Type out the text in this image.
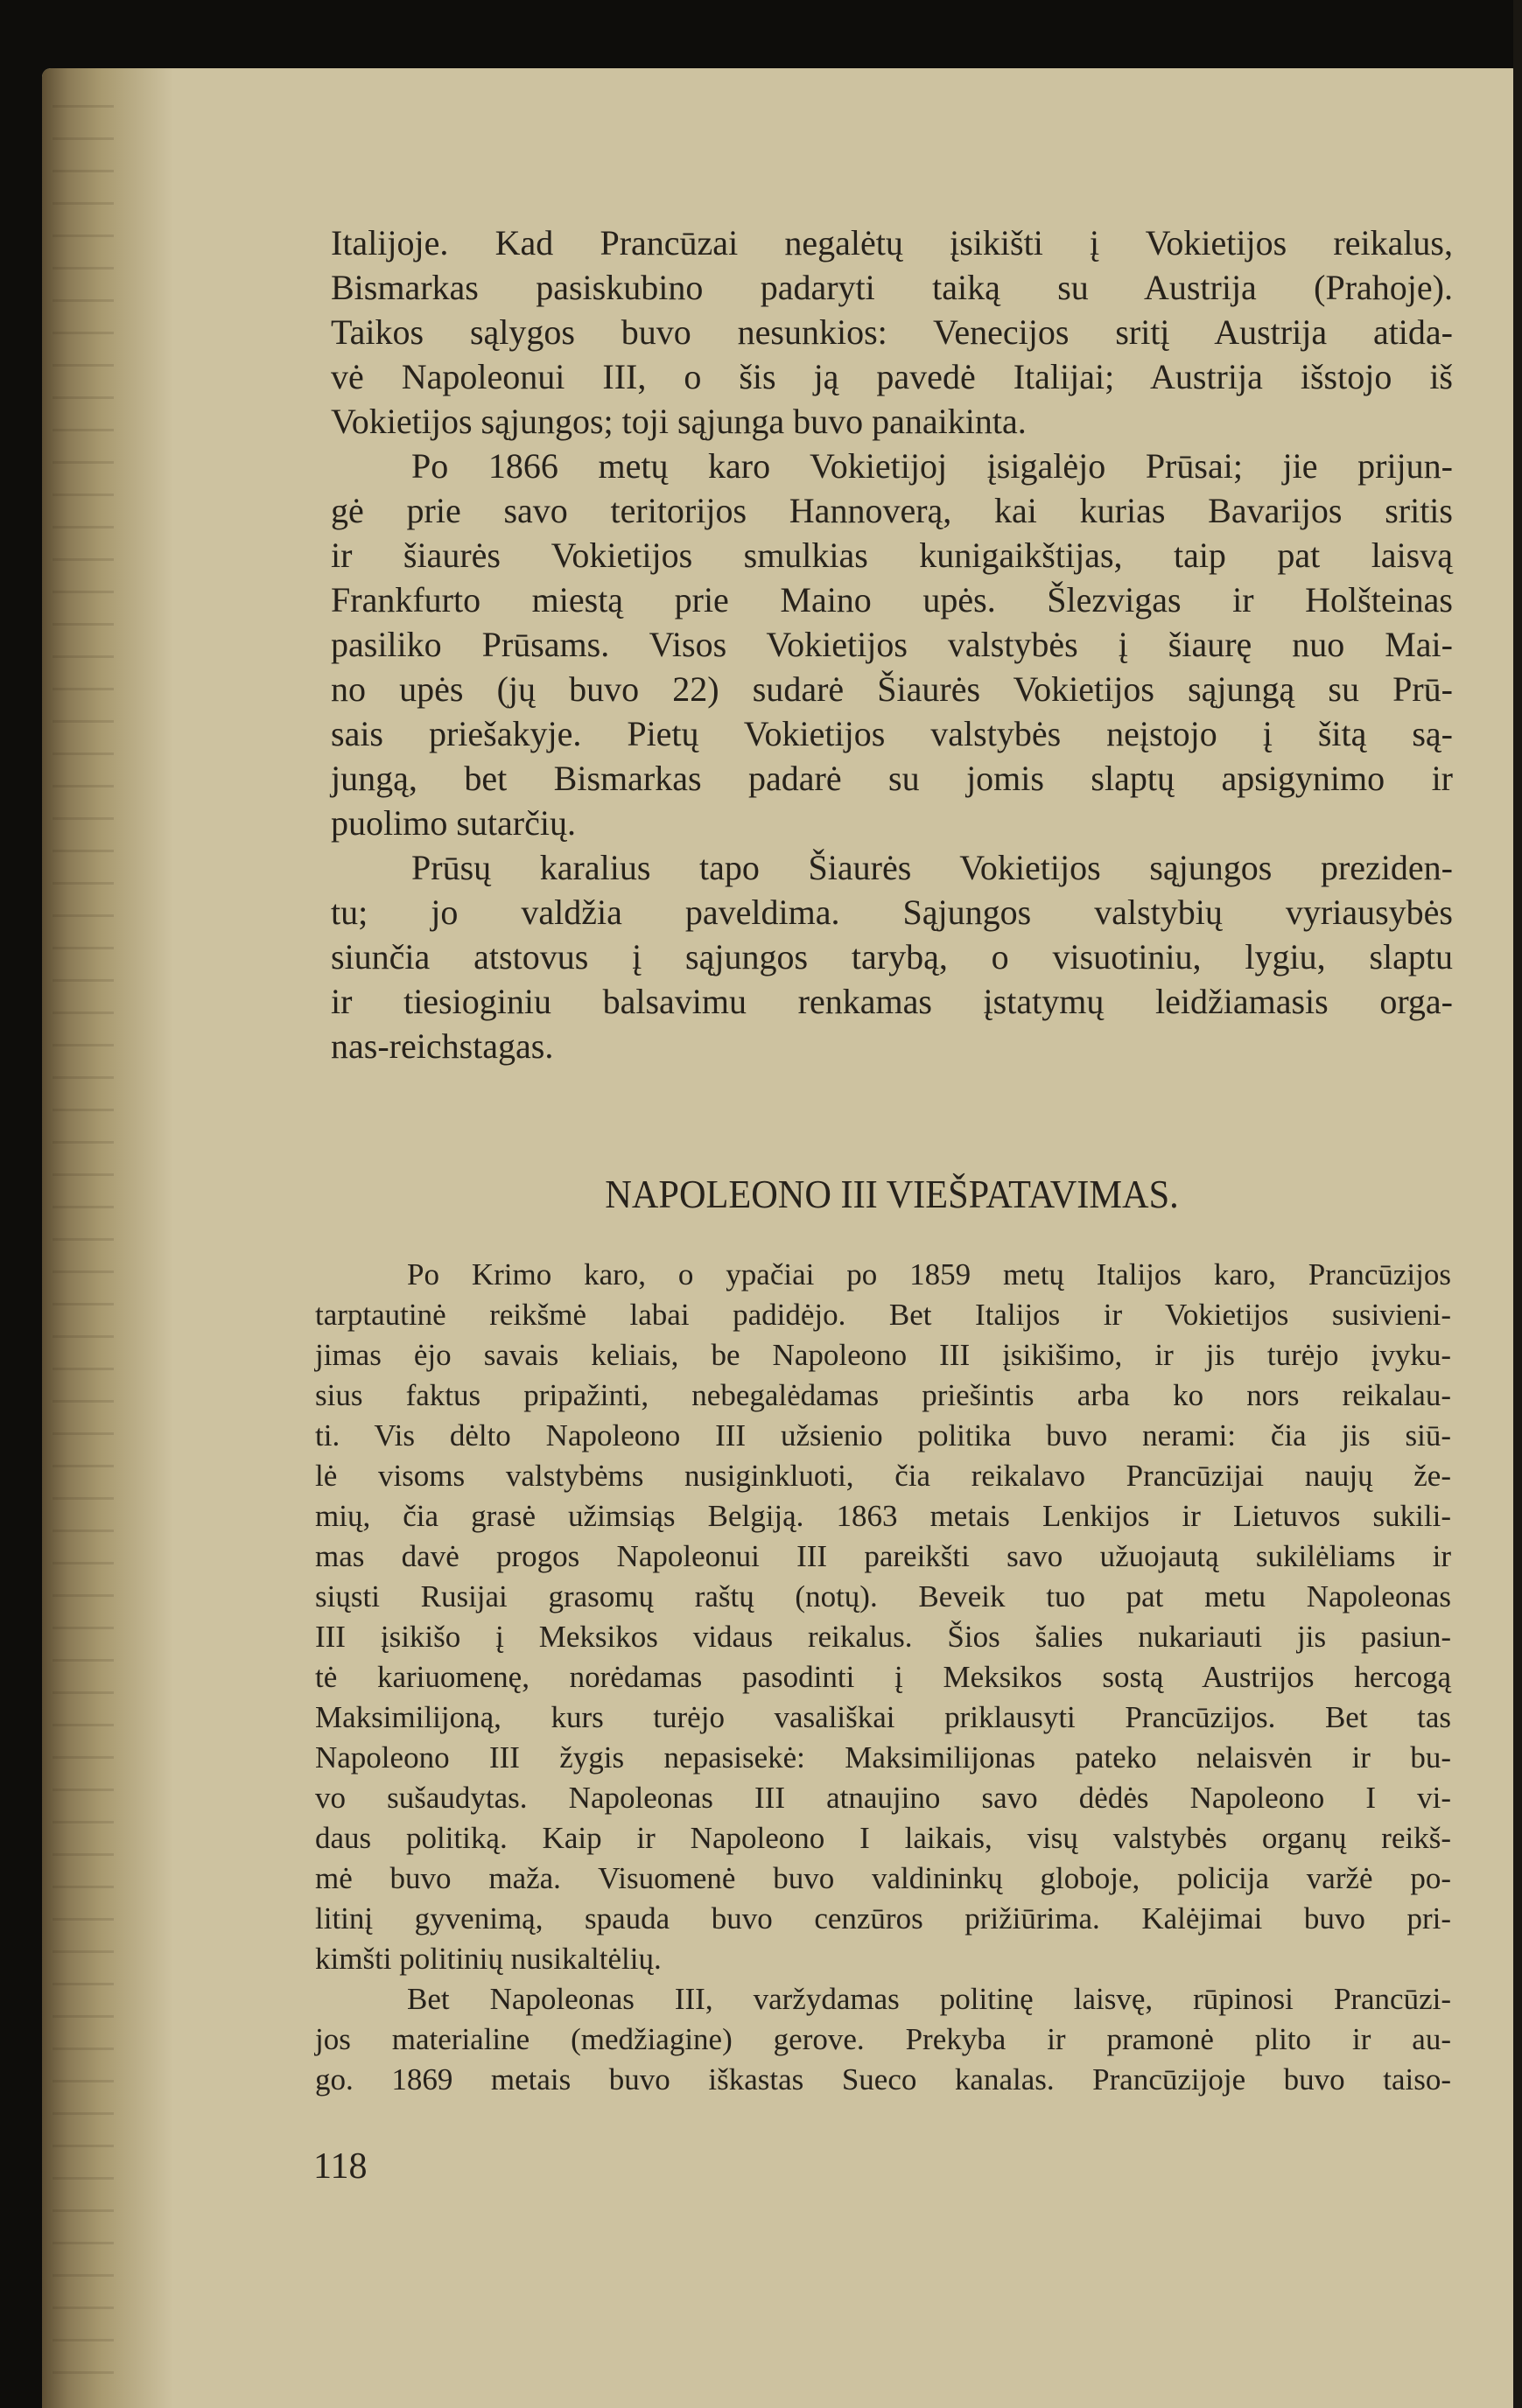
Italijoje. Kad Prancūzai negalėtų įsikišti į Vokietijos reikalus,
Bismarkas pasiskubino padaryti taiką su Austrija (Prahoje).
Taikos sąlygos buvo nesunkios: Venecijos sritį Austrija atida-
vė Napoleonui III, o šis ją pavedė Italijai; Austrija išstojo iš
Vokietijos sąjungos; toji sąjunga buvo panaikinta.
Po 1866 metų karo Vokietijoj įsigalėjo Prūsai; jie prijun-
gė prie savo teritorijos Hannoverą, kai kurias Bavarijos sritis
ir šiaurės Vokietijos smulkias kunigaikštijas, taip pat laisvą
Frankfurto miestą prie Maino upės. Šlezvigas ir Holšteinas
pasiliko Prūsams. Visos Vokietijos valstybės į šiaurę nuo Mai-
no upės (jų buvo 22) sudarė Šiaurės Vokietijos sąjungą su Prū-
sais priešakyje. Pietų Vokietijos valstybės neįstojo į šitą są-
jungą, bet Bismarkas padarė su jomis slaptų apsigynimo ir
puolimo sutarčių.
Prūsų karalius tapo Šiaurės Vokietijos sąjungos preziden-
tu; jo valdžia paveldima. Sąjungos valstybių vyriausybės
siunčia atstovus į sąjungos tarybą, o visuotiniu, lygiu, slaptu
ir tiesioginiu balsavimu renkamas įstatymų leidžiamasis orga-
nas-reichstagas.
NAPOLEONO III VIEŠPATAVIMAS.
Po Krimo karo, o ypačiai po 1859 metų Italijos karo, Prancūzijos
tarptautinė reikšmė labai padidėjo. Bet Italijos ir Vokietijos susivieni-
jimas ėjo savais keliais, be Napoleono III įsikišimo, ir jis turėjo įvyku-
sius faktus pripažinti, nebegalėdamas priešintis arba ko nors reikalau-
ti. Vis dėlto Napoleono III užsienio politika buvo nerami: čia jis siū-
lė visoms valstybėms nusiginkluoti, čia reikalavo Prancūzijai naujų že-
mių, čia grasė užimsiąs Belgiją. 1863 metais Lenkijos ir Lietuvos sukili-
mas davė progos Napoleonui III pareikšti savo užuojautą sukilėliams ir
siųsti Rusijai grasomų raštų (notų). Beveik tuo pat metu Napoleonas
III įsikišo į Meksikos vidaus reikalus. Šios šalies nukariauti jis pasiun-
tė kariuomenę, norėdamas pasodinti į Meksikos sostą Austrijos hercogą
Maksimilijoną, kurs turėjo vasališkai priklausyti Prancūzijos. Bet tas
Napoleono III žygis nepasisekė: Maksimilijonas pateko nelaisvėn ir bu-
vo sušaudytas. Napoleonas III atnaujino savo dėdės Napoleono I vi-
daus politiką. Kaip ir Napoleono I laikais, visų valstybės organų reikš-
mė buvo maža. Visuomenė buvo valdininkų globoje, policija varžė po-
litinį gyvenimą, spauda buvo cenzūros prižiūrima. Kalėjimai buvo pri-
kimšti politinių nusikaltėlių.
Bet Napoleonas III, varžydamas politinę laisvę, rūpinosi Prancūzi-
jos materialine (medžiagine) gerove. Prekyba ir pramonė plito ir au-
go. 1869 metais buvo iškastas Sueco kanalas. Prancūzijoje buvo taiso-
118
